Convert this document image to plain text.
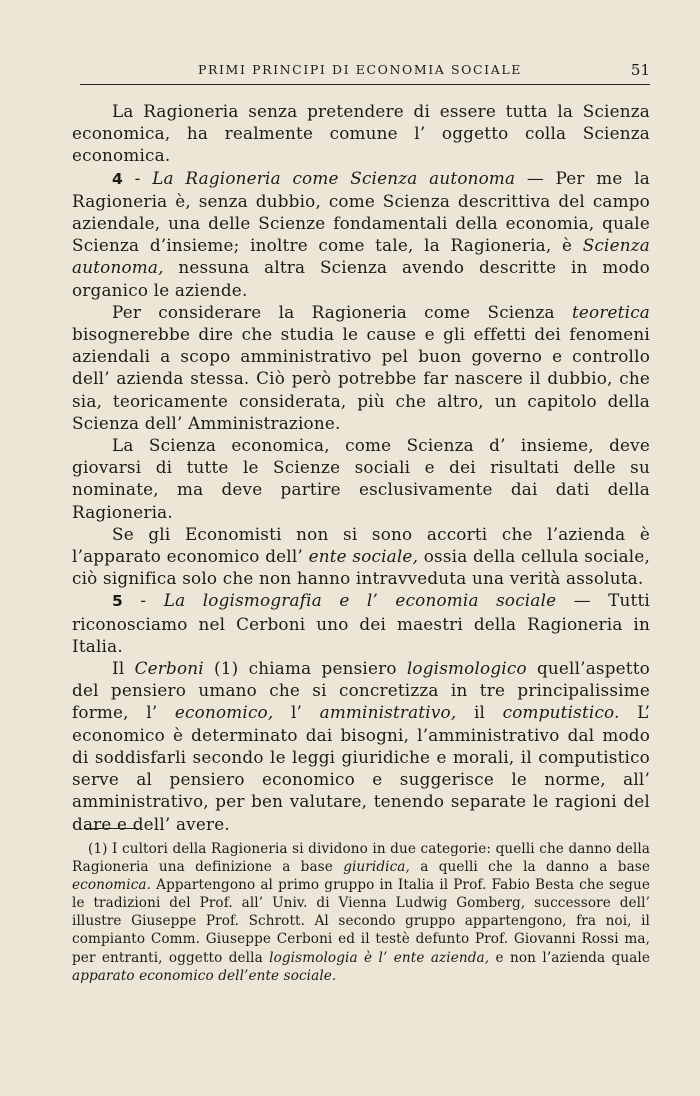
PRIMI PRINCIPI DI ECONOMIA SOCIALE	51

La Ragioneria senza pretendere di essere tutta la Scienza economica, ha realmente comune l’ oggetto colla Scienza economica.

4 - La Ragioneria come Scienza autonoma — Per me la Ragioneria è, senza dubbio, come Scienza descrittiva del campo aziendale, una delle Scienze fondamentali della economia, quale Scienza d’insieme; inoltre come tale, la Ragioneria, è Scienza autonoma, nessuna altra Scienza avendo descritte in modo organico le aziende.

Per considerare la Ragioneria come Scienza teoretica bisognerebbe dire che studia le cause e gli effetti dei fenomeni aziendali a scopo amministrativo pel buon governo e controllo dell’ azienda stessa. Ciò però potrebbe far nascere il dubbio, che sia, teoricamente considerata, più che altro, un capitolo della Scienza dell’ Amministrazione.

La Scienza economica, come Scienza d’ insieme, deve giovarsi di tutte le Scienze sociali e dei risultati delle su nominate, ma deve partire esclusivamente dai dati della Ragioneria.

Se gli Economisti non si sono accorti che l’azienda è l’apparato economico dell’ ente sociale, ossia della cellula sociale, ciò significa solo che non hanno intravveduta una verità assoluta.

5 - La logismografia e l’ economia sociale — Tutti riconosciamo nel Cerboni uno dei maestri della Ragioneria in Italia.

Il Cerboni (1) chiama pensiero logismologico quell’aspetto del pensiero umano che si concretizza in tre principalissime forme, l’ economico, l’ amministrativo, il computistico. L’ economico è determinato dai bisogni, l’amministrativo dal modo di soddisfarli secondo le leggi giuridiche e morali, il computistico serve al pensiero economico e suggerisce le norme, all’ amministrativo, per ben valutare, tenendo separate le ragioni del dare e dell’ avere.

(1) I cultori della Ragioneria si dividono in due categorie: quelli che danno della Ragioneria una definizione a base giuridica, a quelli che la danno a base economica. Appartengono al primo gruppo in Italia il Prof. Fabio Besta che segue le tradizioni del Prof. all’ Univ. di Vienna Ludwig Gomberg, successore dell’ illustre Giuseppe Prof. Schrott. Al secondo gruppo appartengono, fra noi, il compianto Comm. Giuseppe Cerboni ed il testè defunto Prof. Giovanni Rossi ma, per entranti, oggetto della logismologia è l’ ente azienda, e non l’azienda quale apparato economico dell’ente sociale.
